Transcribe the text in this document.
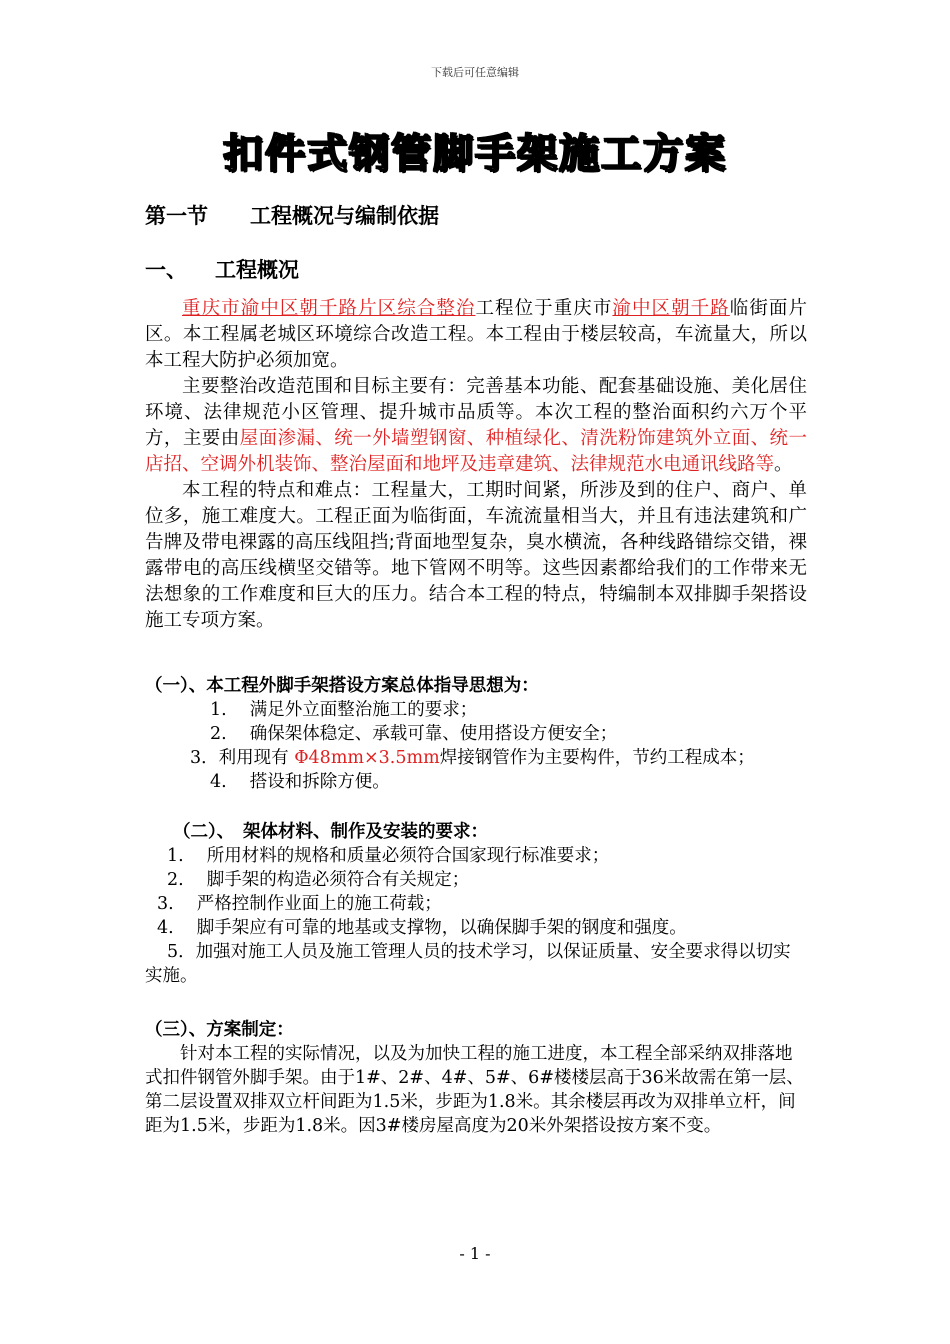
下载后可任意编辑
扣件式钢管脚手架施工方案
第一节 工程概况与编制依据
一、 工程概况

重庆市渝中区朝千路片区综合整治工程位于重庆市渝中区朝千路临街面片区。本工程属老城区环境综合改造工程。本工程由于楼层较高，车流量大，所以本工程大防护必须加宽。

主要整治改造范围和目标主要有：完善基本功能、配套基础设施、美化居住环境、法律规范小区管理、提升城市品质等。本次工程的整治面积约六万个平方，主要由屋面渗漏、统一外墙塑钢窗、种植绿化、清洗粉饰建筑外立面、统一店招、空调外机装饰、整治屋面和地坪及违章建筑、法律规范水电通讯线路等。

本工程的特点和难点：工程量大，工期时间紧，所涉及到的住户、商户、单位多，施工难度大。工程正面为临街面，车流流量相当大，并且有违法建筑和广告牌及带电裸露的高压线阻挡;背面地型复杂，臭水横流，各种线路错综交错，裸露带电的高压线横坚交错等。地下管网不明等。这些因素都给我们的工作带来无法想象的工作难度和巨大的压力。结合本工程的特点，特编制本双排脚手架搭设施工专项方案。

（一）、本工程外脚手架搭设方案总体指导思想为：

1.　 满足外立面整治施工的要求；

2.　 确保架体稳定、承载可靠、使用搭设方便安全；

3．利用现有 Φ48mm×3.5mm焊接钢管作为主要构件，节约工程成本；

4.　 搭设和拆除方便。

（二）、　架体材料、制作及安装的要求：

1.　 所用材料的规格和质量必须符合国家现行标准要求；

2.　 脚手架的构造必须符合有关规定；

3.　 严格控制作业面上的施工荷载；

4.　 脚手架应有可靠的地基或支撑物，以确保脚手架的钢度和强度。

5．加强对施工人员及施工管理人员的技术学习，以保证质量、安全要求得以切实实施。

（三）、方案制定：

针对本工程的实际情况，以及为加快工程的施工进度，本工程全部采纳双排落地式扣件钢管外脚手架。由于1#、2#、4#、5#、6#楼楼层高于36米故需在第一层、第二层设置双排双立杆间距为1.5米，步距为1.8米。其余楼层再改为双排单立杆，间距为1.5米，步距为1.8米。因3#楼房屋高度为20米外架搭设按方案不变。

- 1 -
